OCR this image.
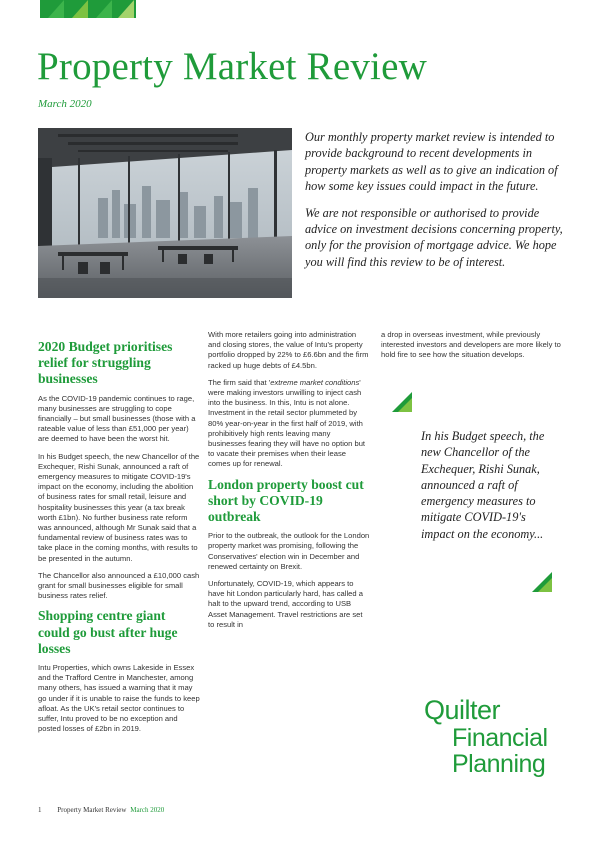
Property Market Review
March 2020

Our monthly property market review is intended to provide background to recent developments in property markets as well as to give an indication of how some key issues could impact in the future.

We are not responsible or authorised to provide advice on investment decisions concerning property, only for the provision of mortgage advice. We hope you will find this review to be of interest.

2020 Budget prioritises relief for struggling businesses

As the COVID-19 pandemic continues to rage, many businesses are struggling to cope financially – but small businesses (those with a rateable value of less than £51,000 per year) are deemed to have been the worst hit.

In his Budget speech, the new Chancellor of the Exchequer, Rishi Sunak, announced a raft of emergency measures to mitigate COVID-19's impact on the economy, including the abolition of business rates for small retail, leisure and hospitality businesses this year (a tax break worth £1bn). No further business rate reform was announced, although Mr Sunak said that a fundamental review of business rates was to take place in the coming months, with results to be presented in the autumn.

The Chancellor also announced a £10,000 cash grant for small businesses eligible for small business rates relief.

Shopping centre giant could go bust after huge losses

Intu Properties, which owns Lakeside in Essex and the Trafford Centre in Manchester, among many others, has issued a warning that it may go under if it is unable to raise the funds to keep afloat. As the UK's retail sector continues to suffer, Intu proved to be no exception and posted losses of £2bn in 2019.

With more retailers going into administration and closing stores, the value of Intu's property portfolio dropped by 22% to £6.6bn and the firm racked up huge debts of £4.5bn.

The firm said that 'extreme market conditions' were making investors unwilling to inject cash into the business. In this, Intu is not alone. Investment in the retail sector plummeted by 80% year-on-year in the first half of 2019, with prohibitively high rents leaving many businesses fearing they will have no option but to vacate their premises when their lease comes up for renewal.

London property boost cut short by COVID-19 outbreak

Prior to the outbreak, the outlook for the London property market was promising, following the Conservatives' election win in December and renewed certainty on Brexit.

Unfortunately, COVID-19, which appears to have hit London particularly hard, has called a halt to the upward trend, according to USB Asset Management. Travel restrictions are set to result in

a drop in overseas investment, while previously interested investors and developers are more likely to hold fire to see how the situation develops.

In his Budget speech, the new Chancellor of the Exchequer, Rishi Sunak, announced a raft of emergency measures to mitigate COVID-19's impact on the economy...
Quilter
Financial
Planning
1 Property Market Review March 2020
